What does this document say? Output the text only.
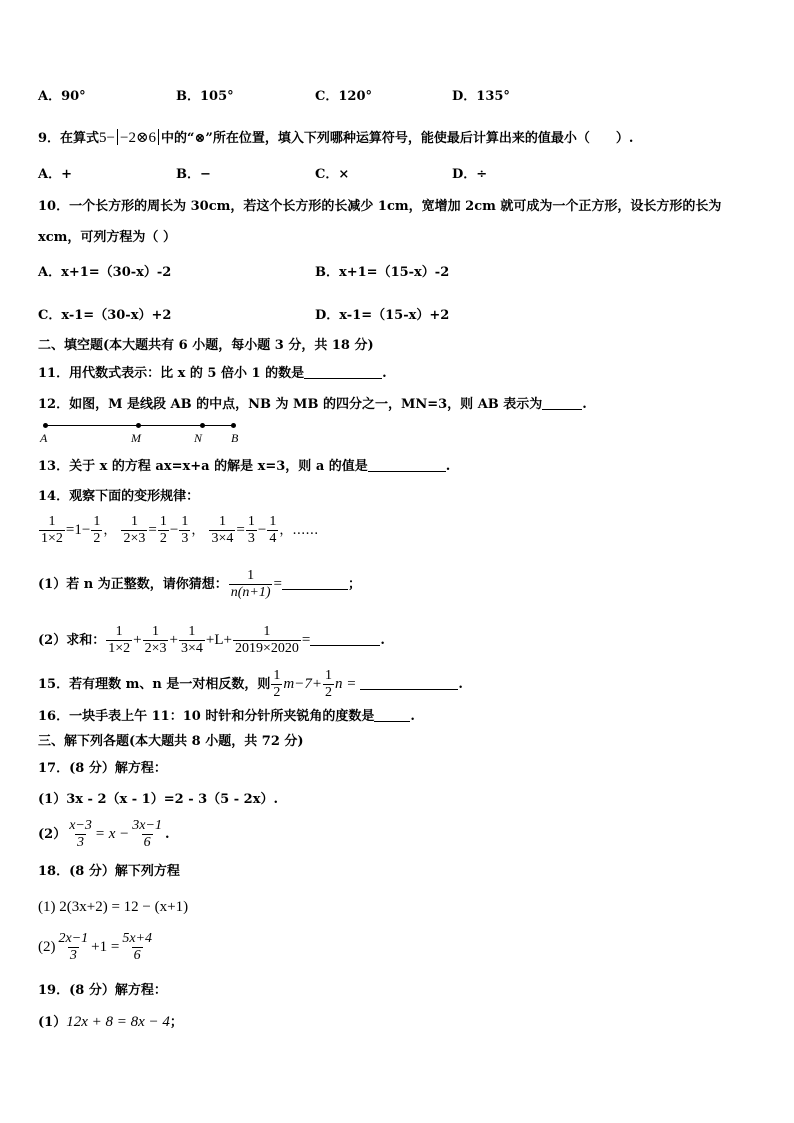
A．90°	B．105°	C．120°	D．135°
9．在算式5− −2⊗6 中的“⊗”所在位置，填入下列哪种运算符号，能使最后计算出来的值最小（　　）.
A．+	B．−	C．×	D．÷
10．一个长方形的周长为 30cm，若这个长方形的长减少 1cm，宽增加 2cm 就可成为一个正方形，设长方形的长为
xcm，可列方程为（ ）
A．x+1=（30-x）-2	B．x+1=（15-x）-2
C．x-1=（30-x）+2	D．x-1=（15-x）+2
二、填空题(本大题共有 6 小题，每小题 3 分，共 18 分)
11．用代数式表示：比 x 的 5 倍小 1 的数是	.
12．如图，M 是线段 AB 的中点，NB 为 MB 的四分之一，MN=3，则 AB 表示为	.
A	M	N B
13．关于 x 的方程 ax=x+a 的解是 x=3，则 a 的值是	.
14．观察下面的变形规律：
$\frac{1}{1\times 2} =1- \frac{1}{2}$ ， $\frac{1}{2\times 3} = \frac{1}{2} - \frac{1}{3}$ ， $\frac{1}{3\times 4} = \frac{1}{3} - \frac{1}{4}$ ，……
(1）若 n 为正整数，请你猜想： $\frac{1}{n(n+1)}$ =	；
(2）求和： $\frac{1}{1\times 2} + \frac{1}{2\times 3} + \frac{1}{3\times 4} +L+ \frac{1}{2019\times 2020}$ =	.
15．若有理数 m、n 是一对相反数，则 $\frac{1}{2} m-7+ \frac{1}{2}$ n =	.
16．一块手表上午 11：10 时针和分针所夹锐角的度数是	.
三、解下列各题(本大题共 8 小题，共 72 分)
17．(8 分）解方程：
(1）3x - 2（x - 1）=2 - 3（5 - 2x）.
$(2) \frac{x-3}{3} = x - \frac{3x-1}{6}$ .
18．(8 分）解下列方程
(1) 2(3x+2) = 12 − (x+1)
$(2) \frac{2x-1}{3} +1 = \frac{5x+4}{6}$
19．(8 分）解方程：
(1）12x + 8 = 8x − 4；
